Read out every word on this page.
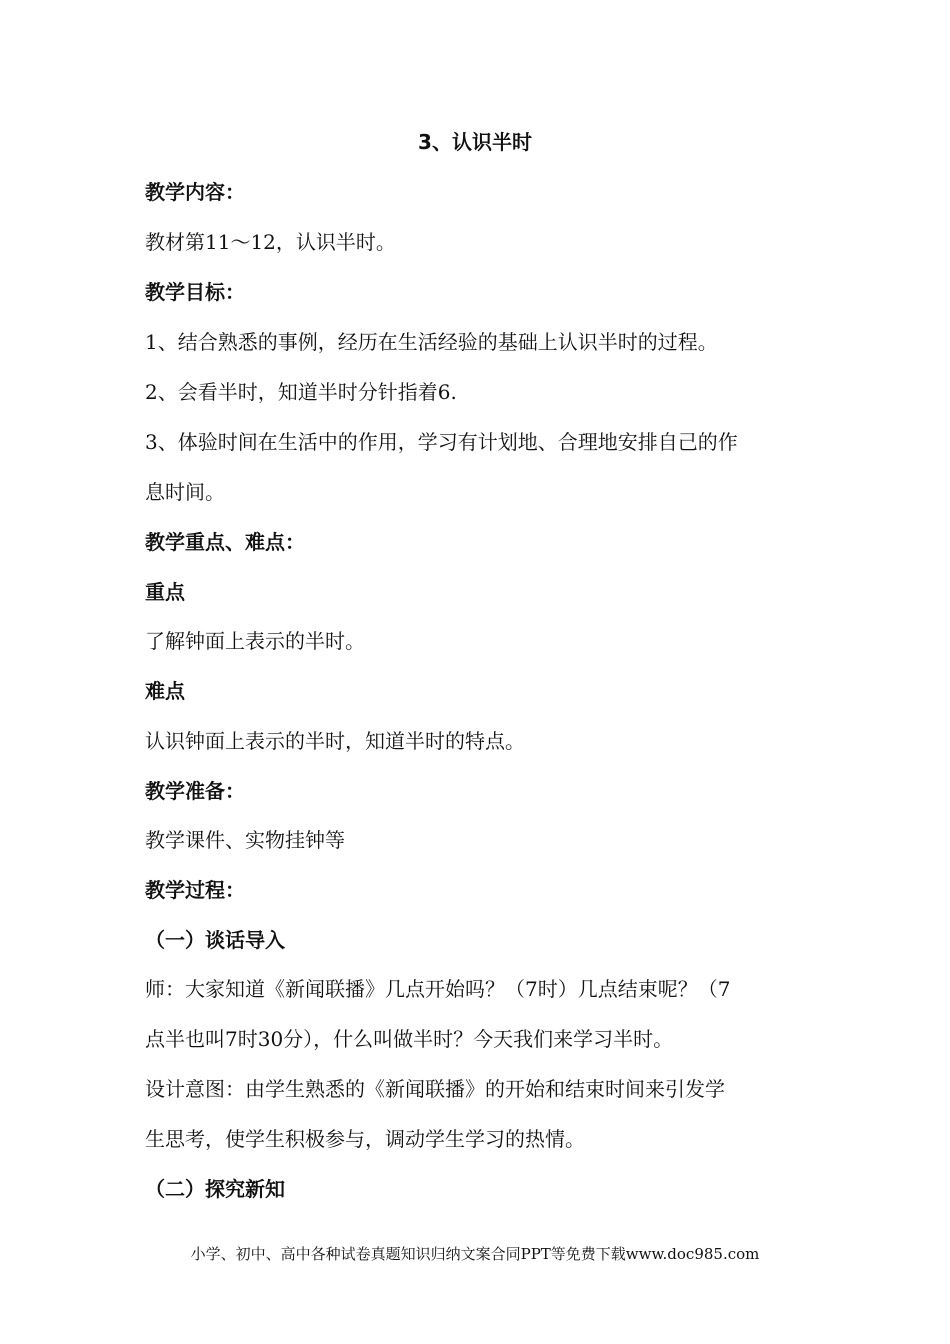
3、认识半时
教学内容：
教材第11～12，认识半时。
教学目标：
1、结合熟悉的事例，经历在生活经验的基础上认识半时的过程。
2、会看半时，知道半时分针指着6.
3、体验时间在生活中的作用，学习有计划地、合理地安排自己的作
息时间。
教学重点、难点：
重点
了解钟面上表示的半时。
难点
认识钟面上表示的半时，知道半时的特点。
教学准备：
教学课件、实物挂钟等
教学过程：
（一）谈话导入
师：大家知道《新闻联播》几点开始吗？（7时）几点结束呢？（7
点半也叫7时30分），什么叫做半时？今天我们来学习半时。
设计意图：由学生熟悉的《新闻联播》的开始和结束时间来引发学
生思考，使学生积极参与，调动学生学习的热情。
（二）探究新知
小学、初中、高中各种试卷真题知识归纳文案合同PPT等免费下载www.doc985.com
